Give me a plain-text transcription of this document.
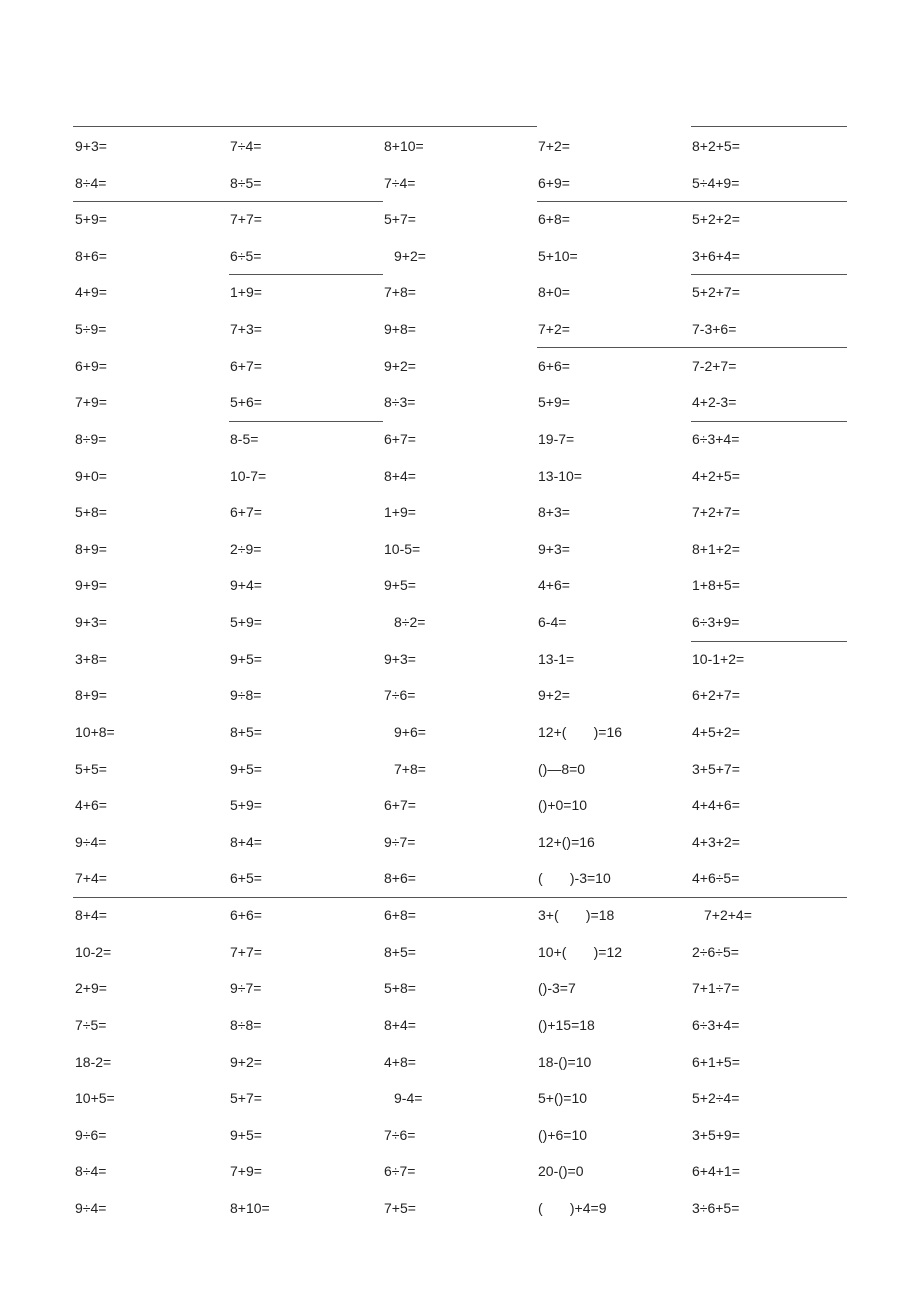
9+3=	7÷4=	8+10=	7+2=	8+2+5=
8÷4=	8÷5=	7÷4=	6+9=	5÷4+9=
5+9=	7+7=	5+7=	6+8=	5+2+2=
8+6=	6÷5=	9+2=	5+10=	3+6+4=
4+9=	1+9=	7+8=	8+0=	5+2+7=
5÷9=	7+3=	9+8=	7+2=	7-3+6=
6+9=	6+7=	9+2=	6+6=	7-2+7=
7+9=	5+6=	8÷3=	5+9=	4+2-3=
8÷9=	8-5=	6+7=	19-7=	6÷3+4=
9+0=	10-7=	8+4=	13-10=	4+2+5=
5+8=	6+7=	1+9=	8+3=	7+2+7=
8+9=	2÷9=	10-5=	9+3=	8+1+2=
9+9=	9+4=	9+5=	4+6=	1+8+5=
9+3=	5+9=	8÷2=	6-4=	6÷3+9=
3+8=	9+5=	9+3=	13-1=	10-1+2=
8+9=	9÷8=	7÷6=	9+2=	6+2+7=
10+8=	8+5=	9+6=	12+(       )=16	4+5+2=
5+5=	9+5=	7+8=	()—8=0	3+5+7=
4+6=	5+9=	6+7=	()+0=10	4+4+6=
9÷4=	8+4=	9÷7=	12+()=16	4+3+2=
7+4=	6+5=	8+6=	(       )-3=10	4+6÷5=
8+4=	6+6=	6+8=	3+(       )=18	7+2+4=
10-2=	7+7=	8+5=	10+(       )=12	2÷6÷5=
2+9=	9÷7=	5+8=	()-3=7	7+1÷7=
7÷5=	8÷8=	8+4=	()+15=18	6÷3+4=
18-2=	9+2=	4+8=	18-()=10	6+1+5=
10+5=	5+7=	9-4=	5+()=10	5+2÷4=
9÷6=	9+5=	7÷6=	()+6=10	3+5+9=
8÷4=	7+9=	6÷7=	20-()=0	6+4+1=
9÷4=	8+10=	7+5=	(       )+4=9	3÷6+5=
